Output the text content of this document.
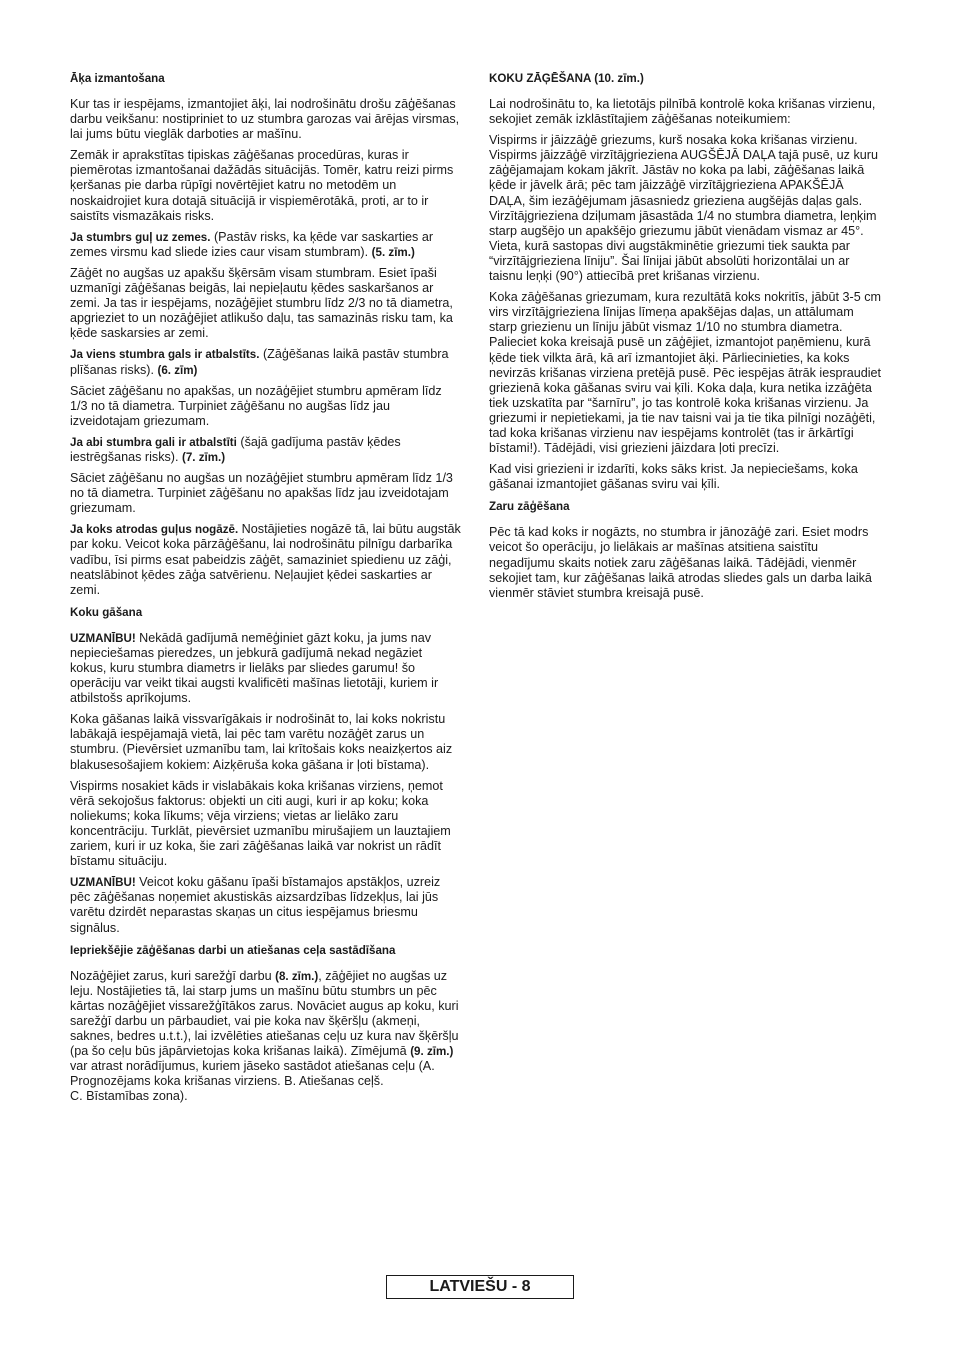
Āķa izmantošana

Kur tas ir iespējams, izmantojiet āķi, lai nodrošinātu drošu zāģēšanas darbu veikšanu: nostipriniet to uz stumbra garozas vai ārējas virsmas, lai jums būtu vieglāk darboties ar mašīnu.

Zemāk ir aprakstītas tipiskas zāģēšanas procedūras, kuras ir piemērotas izmantošanai dažādās situācijās. Tomēr, katru reizi pirms ķeršanas pie darba rūpīgi novērtējiet katru no metodēm un noskaidrojiet kura dotajā situācijā ir vispiemērotākā, proti, ar to ir saistīts vismazākais risks.

Ja stumbrs guļ uz zemes. (Pastāv risks, ka ķēde var saskarties ar zemes virsmu kad sliede izies caur visam stumbram). (5. zīm.)

Zāģēt no augšas uz apakšu šķērsām visam stumbram. Esiet īpaši uzmanīgi zāģēšanas beigās, lai nepieļautu ķēdes saskaršanos ar zemi. Ja tas ir iespējams, nozāģējiet stumbru līdz 2/3 no tā diametra, apgrieziet to un nozāģējiet atlikušo daļu, tas samazinās risku tam, ka ķēde saskarsies ar zemi.

Ja viens stumbra gals ir atbalstīts. (Zāģēšanas laikā pastāv stumbra plīšanas risks). (6. zīm)

Sāciet zāģēšanu no apakšas, un nozāģējiet stumbru apmēram līdz 1/3 no tā diametra. Turpiniet zāģēšanu no augšas līdz jau izveidotajam griezumam.

Ja abi stumbra gali ir atbalstīti (šajā gadījuma pastāv ķēdes iestrēgšanas risks). (7. zīm.)

Sāciet zāģēšanu no augšas un nozāģējiet stumbru apmēram līdz 1/3 no tā diametra. Turpiniet zāģēšanu no apakšas līdz jau izveidotajam griezumam.

Ja koks atrodas guļus nogāzē. Nostājieties nogāzē tā, lai būtu augstāk par koku. Veicot koka pārzāģēšanu, lai nodrošinātu pilnīgu darbarīka vadību, īsi pirms esat pabeidzis zāģēt, samaziniet spiedienu uz zāģi, neatslābinot ķēdes zāģa satvērienu. Neļaujiet ķēdei saskarties ar zemi.

Koku gāšana

UZMANĪBU! Nekādā gadījumā nemēģiniet gāzt koku, ja jums nav nepieciešamas pieredzes, un jebkurā gadījumā nekad negāziet kokus, kuru stumbra diametrs ir lielāks par sliedes garumu! šo operāciju var veikt tikai augsti kvalificēti mašīnas lietotāji, kuriem ir atbilstošs aprīkojums.

Koka gāšanas laikā vissvarīgākais ir nodrošināt to, lai koks nokristu labākajā iespējamajā vietā, lai pēc tam varētu nozāģēt zarus un stumbru. (Pievērsiet uzmanību tam, lai krītošais koks neaizķertos aiz blakusesošajiem kokiem: Aizķēruša koka gāšana ir ļoti bīstama).

Vispirms nosakiet kāds ir vislabākais koka krišanas virziens, ņemot vērā sekojošus faktorus: objekti un citi augi, kuri ir ap koku; koka noliekums; koka līkums; vēja virziens; vietas ar lielāko zaru koncentrāciju. Turklāt, pievērsiet uzmanību mirušajiem un lauztajiem zariem, kuri ir uz koka, šie zari zāģēšanas laikā var nokrist un rādīt bīstamu situāciju.

UZMANĪBU! Veicot koku gāšanu īpaši bīstamajos apstākļos, uzreiz pēc zāģēšanas noņemiet akustiskās aizsardzības līdzekļus, lai jūs varētu dzirdēt neparastas skaņas un citus iespējamus briesmu signālus.

Iepriekšējie zāģēšanas darbi un atiešanas ceļa sastādīšana

Nozāģējiet zarus, kuri sarežģī darbu (8. zīm.), zāģējiet no augšas uz leju. Nostājieties tā, lai starp jums un mašīnu būtu stumbrs un pēc kārtas nozāģējiet vissarežģītākos zarus. Novāciet augus ap koku, kuri sarežģī darbu un pārbaudiet, vai pie koka nav šķēršļu (akmeņi, saknes, bedres u.t.t.), lai izvēlēties atiešanas ceļu uz kura nav šķēršļu (pa šo ceļu būs jāpārvietojas koka krišanas laikā). Zīmējumā (9. zīm.) var atrast norādījumus, kuriem jāseko sastādot atiešanas ceļu (A. Prognozējams koka krišanas virziens. B. Atiešanas ceļš.
C. Bīstamības zona).

KOKU ZĀĢĒŠANA (10. zīm.)

Lai nodrošinātu to, ka lietotājs pilnībā kontrolē koka krišanas virzienu, sekojiet zemāk izklāstītajiem zāģēšanas noteikumiem:

Vispirms ir jāizzāģē griezums, kurš nosaka koka krišanas virzienu. Vispirms jāizzāģē virzītājgrieziena AUGŠĒJĀ DAĻA tajā pusē, uz kuru zāģējamajam kokam jākrīt. Jāstāv no koka pa labi, zāģēšanas laikā ķēde ir jāvelk ārā; pēc tam jāizzāģē virzītājgrieziena APAKŠĒJĀ DAĻA, šim iezāģējumam jāsasniedz grieziena augšējās daļas gals. Virzītājgrieziena dziļumam jāsastāda 1/4 no stumbra diametra, leņķim starp augšējo un apakšējo griezumu jābūt vienādam vismaz ar 45°. Vieta, kurā sastopas divi augstākminētie griezumi tiek saukta par “virzītājgrieziena līniju”. Šai līnijai jābūt absolūti horizontālai un ar taisnu leņķi (90°) attiecībā pret krišanas virzienu.

Koka zāģēšanas griezumam, kura rezultātā koks nokritīs, jābūt 3-5 cm virs virzītājgrieziena līnijas līmeņa apakšējas daļas, un attālumam starp griezienu un līniju jābūt vismaz 1/10 no stumbra diametra. Palieciet koka kreisajā pusē un zāģējiet, izmantojot paņēmienu, kurā ķēde tiek vilkta ārā, kā arī izmantojiet āķi. Pārliecinieties, ka koks nevirzās krišanas virziena pretējā pusē. Pēc iespējas ātrāk iespraudiet griezienā koka gāšanas sviru vai ķīli. Koka daļa, kura netika izzāģēta tiek uzskatīta par “šarnīru”, jo tas kontrolē koka krišanas virzienu. Ja griezumi ir nepietiekami, ja tie nav taisni vai ja tie tika pilnīgi nozāģēti, tad koka krišanas virzienu nav iespējams kontrolēt (tas ir ārkārtīgi bīstami!). Tādējādi, visi griezieni jāizdara ļoti precīzi.

Kad visi griezieni ir izdarīti, koks sāks krist. Ja nepieciešams, koka gāšanai izmantojiet gāšanas sviru vai ķīli.

Zaru zāģēšana

Pēc tā kad koks ir nogāzts, no stumbra ir jānozāģē zari. Esiet modrs veicot šo operāciju, jo lielākais ar mašīnas atsitiena saistītu negadījumu skaits notiek zaru zāģēšanas laikā. Tādējādi, vienmēr sekojiet tam, kur zāģēšanas laikā atrodas sliedes gals un darba laikā vienmēr stāviet stumbra kreisajā pusē.

LATVIEŠU - 8
